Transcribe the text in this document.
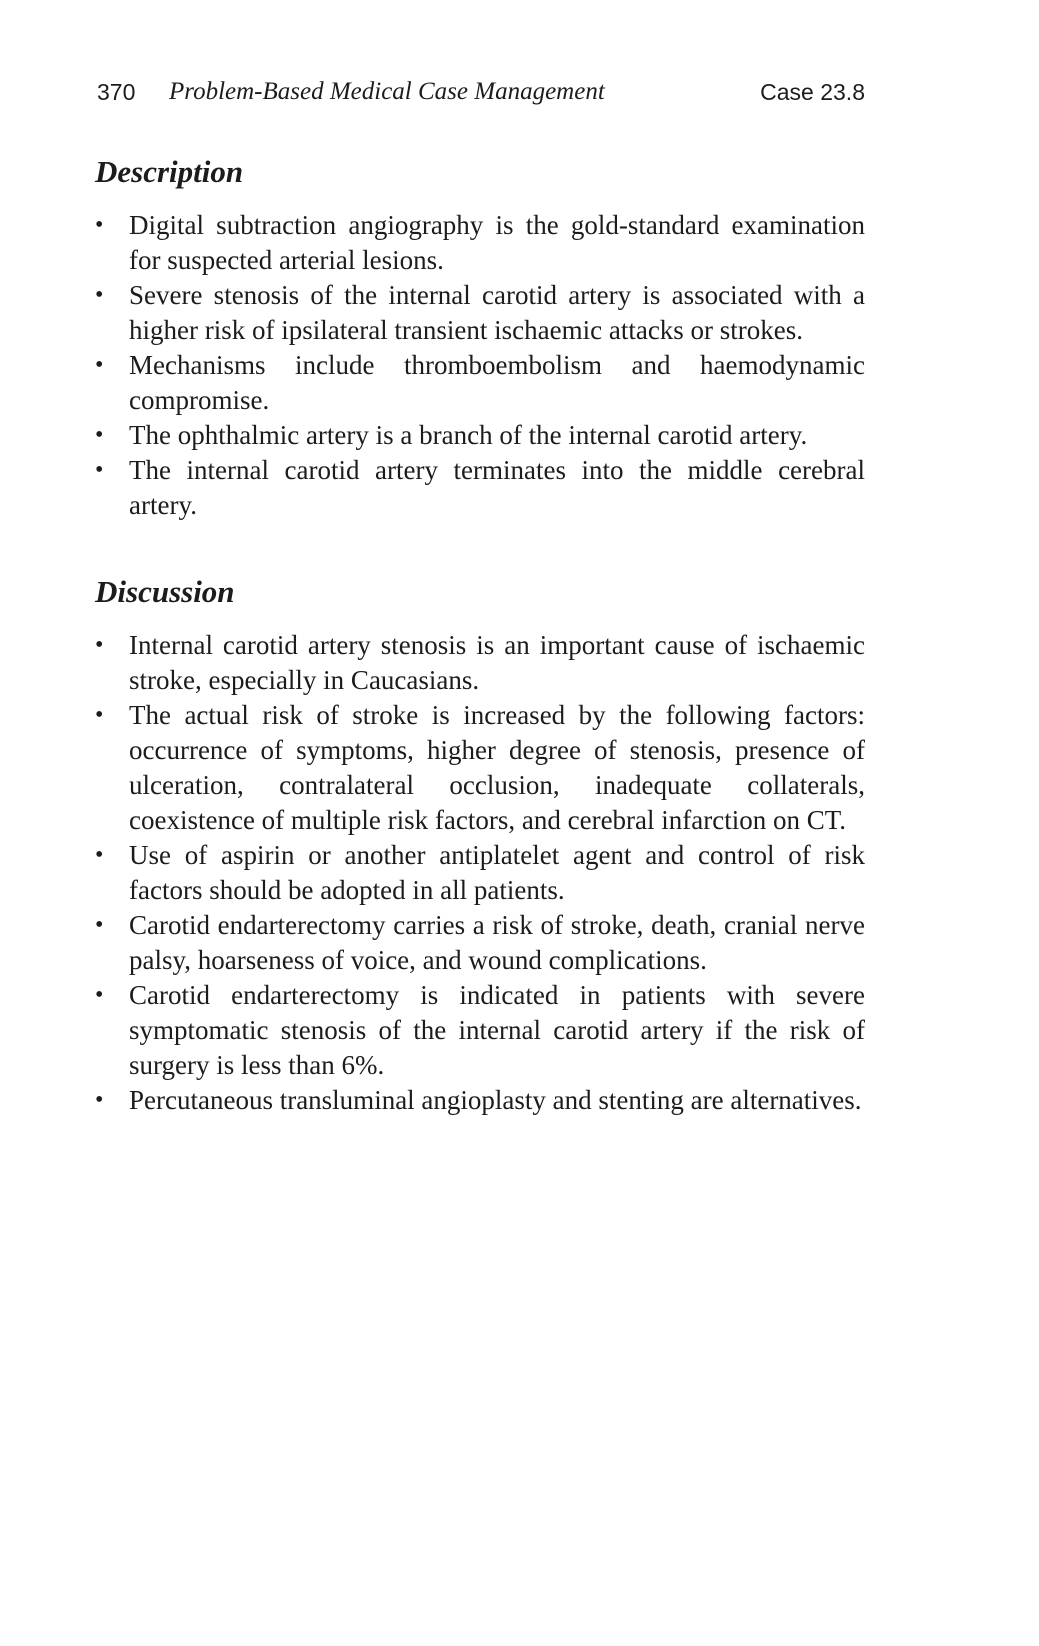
370 Problem-Based Medical Case Management	Case 23.8
Description
• Digital subtraction angiography is the gold-standard examination for suspected arterial lesions.
• Severe stenosis of the internal carotid artery is associated with a higher risk of ipsilateral transient ischaemic attacks or strokes.
• Mechanisms include thromboembolism and haemodynamic compromise.
• The ophthalmic artery is a branch of the internal carotid artery.
• The internal carotid artery terminates into the middle cerebral artery.
Discussion
• Internal carotid artery stenosis is an important cause of ischaemic stroke, especially in Caucasians.
• The actual risk of stroke is increased by the following factors: occurrence of symptoms, higher degree of stenosis, presence of ulceration, contralateral occlusion, inadequate collaterals, coexistence of multiple risk factors, and cerebral infarction on CT.
• Use of aspirin or another antiplatelet agent and control of risk factors should be adopted in all patients.
• Carotid endarterectomy carries a risk of stroke, death, cranial nerve palsy, hoarseness of voice, and wound complications.
• Carotid endarterectomy is indicated in patients with severe symptomatic stenosis of the internal carotid artery if the risk of surgery is less than 6%.
• Percutaneous transluminal angioplasty and stenting are alternatives.
